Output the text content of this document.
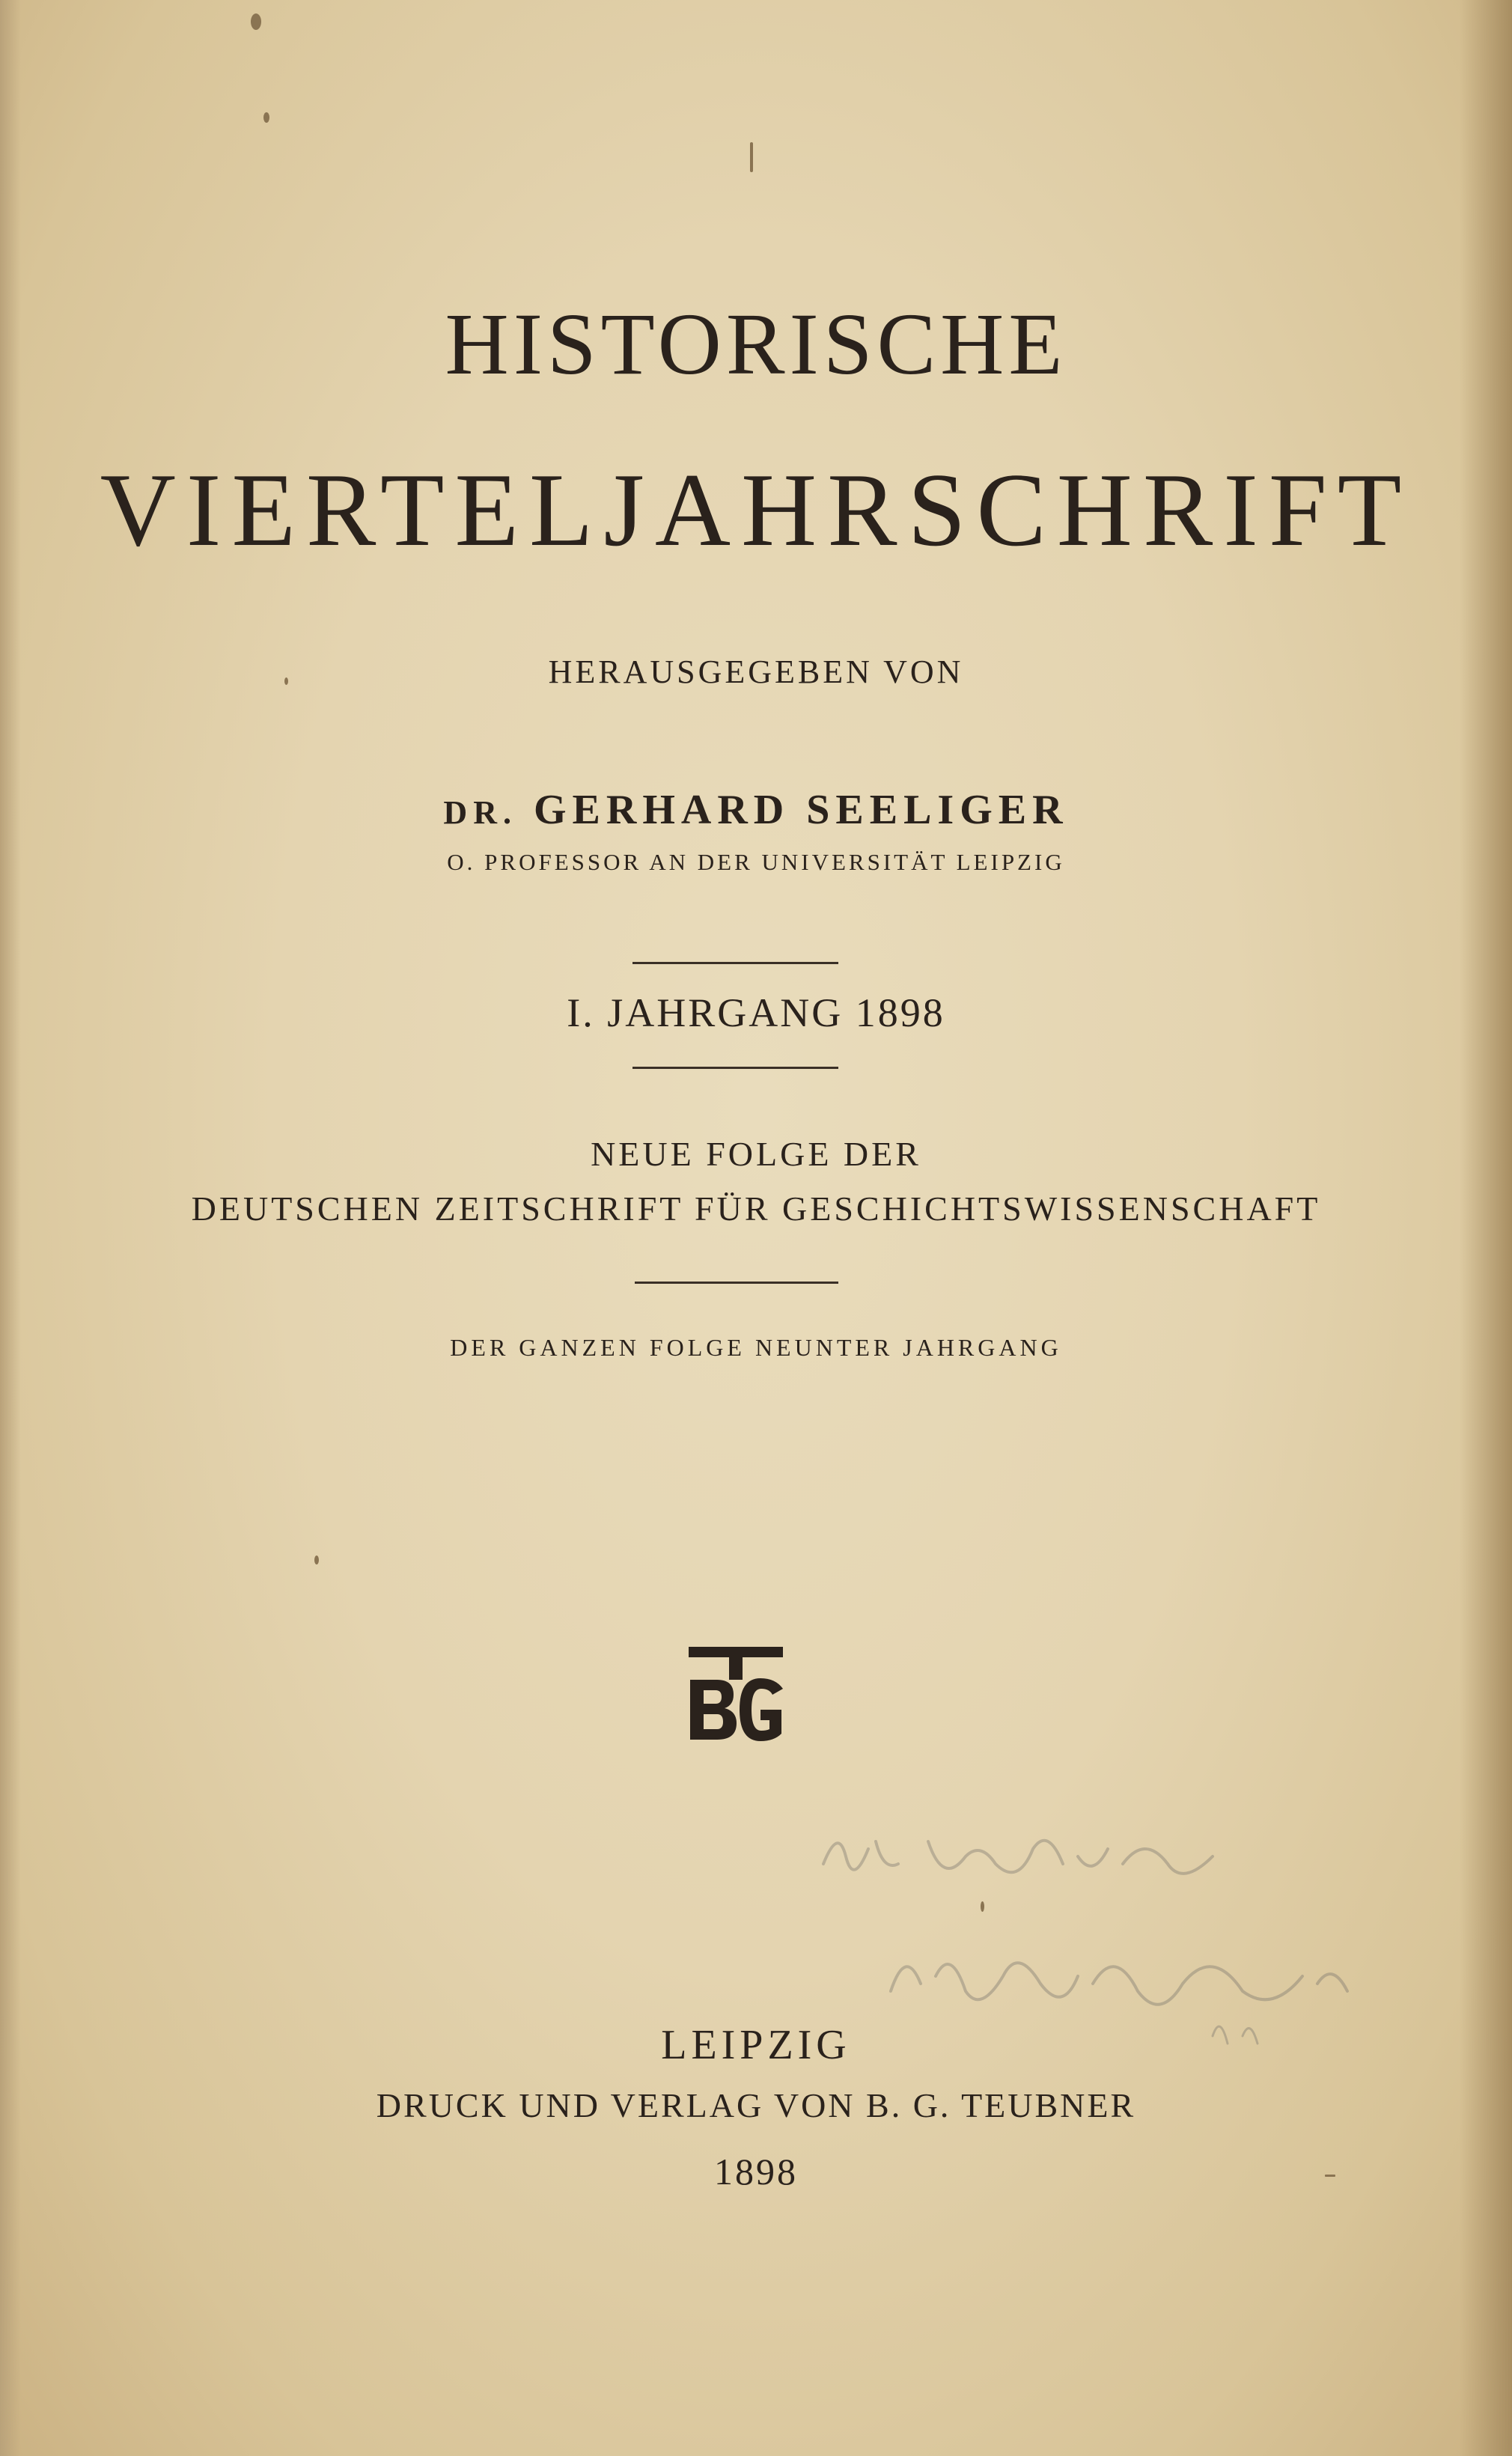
HISTORISCHE
VIERTELJAHRSCHRIFT
HERAUSGEGEBEN VON
DR. GERHARD SEELIGER
O. PROFESSOR AN DER UNIVERSITÄT LEIPZIG
I. JAHRGANG 1898
NEUE FOLGE DER
DEUTSCHEN ZEITSCHRIFT FÜR GESCHICHTSWISSENSCHAFT
DER GANZEN FOLGE NEUNTER JAHRGANG
LEIPZIG
DRUCK UND VERLAG VON B. G. TEUBNER
1898
